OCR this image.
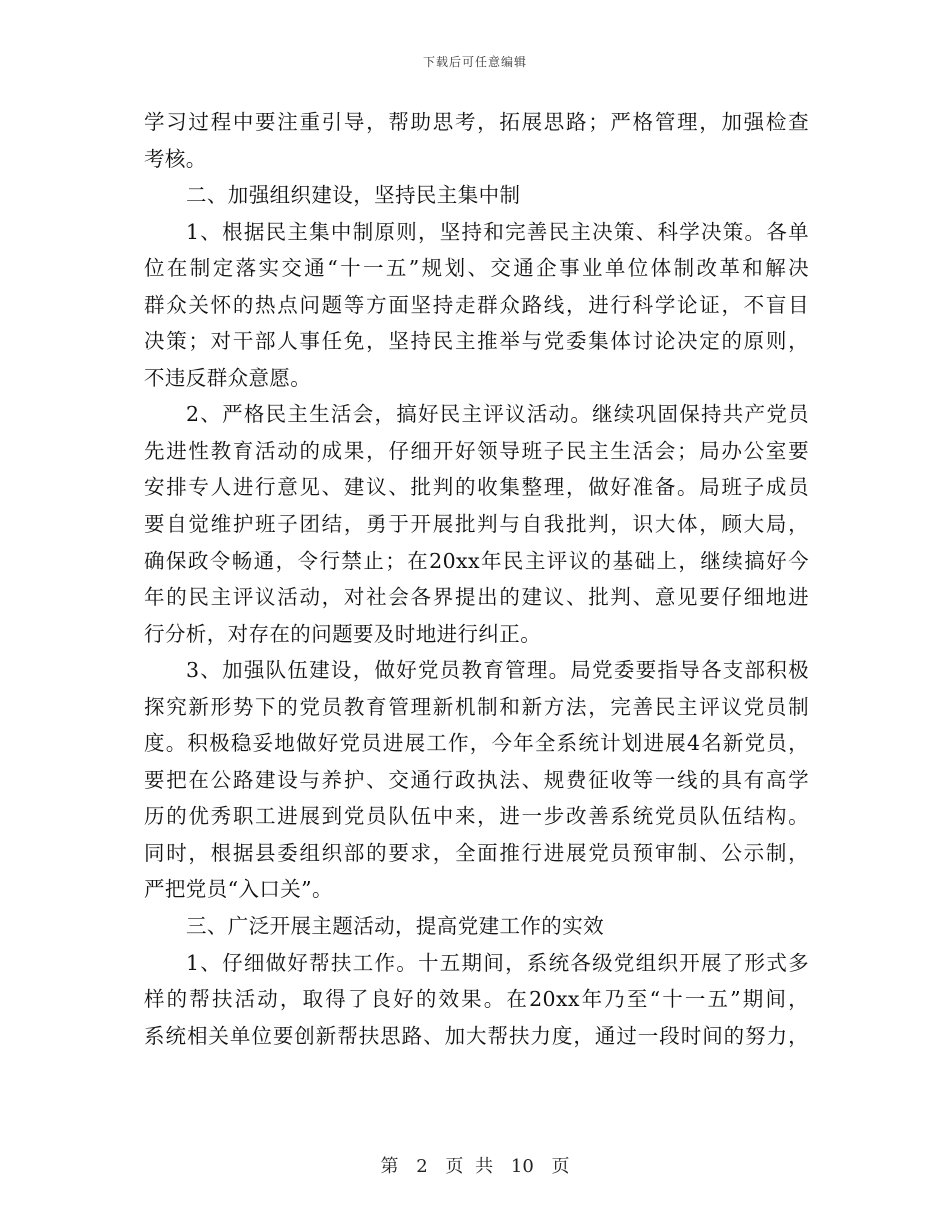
下载后可任意编辑
学习过程中要注重引导，帮助思考，拓展思路；严格管理，加强检查
考核。
二、加强组织建设，坚持民主集中制
1、根据民主集中制原则，坚持和完善民主决策、科学决策。各单
位在制定落实交通“十一五”规划、交通企事业单位体制改革和解决
群众关怀的热点问题等方面坚持走群众路线，进行科学论证，不盲目
决策；对干部人事任免，坚持民主推举与党委集体讨论决定的原则，
不违反群众意愿。
2、严格民主生活会，搞好民主评议活动。继续巩固保持共产党员
先进性教育活动的成果，仔细开好领导班子民主生活会；局办公室要
安排专人进行意见、建议、批判的收集整理，做好准备。局班子成员
要自觉维护班子团结，勇于开展批判与自我批判，识大体，顾大局，
确保政令畅通，令行禁止；在20xx年民主评议的基础上，继续搞好今
年的民主评议活动，对社会各界提出的建议、批判、意见要仔细地进
行分析，对存在的问题要及时地进行纠正。
3、加强队伍建设，做好党员教育管理。局党委要指导各支部积极
探究新形势下的党员教育管理新机制和新方法，完善民主评议党员制
度。积极稳妥地做好党员进展工作，今年全系统计划进展4名新党员，
要把在公路建设与养护、交通行政执法、规费征收等一线的具有高学
历的优秀职工进展到党员队伍中来，进一步改善系统党员队伍结构。
同时，根据县委组织部的要求，全面推行进展党员预审制、公示制，
严把党员“入口关”。
三、广泛开展主题活动，提高党建工作的实效
1、仔细做好帮扶工作。十五期间，系统各级党组织开展了形式多
样的帮扶活动，取得了良好的效果。在20xx年乃至“十一五”期间，
系统相关单位要创新帮扶思路、加大帮扶力度，通过一段时间的努力，
第 2 页 共 10 页
